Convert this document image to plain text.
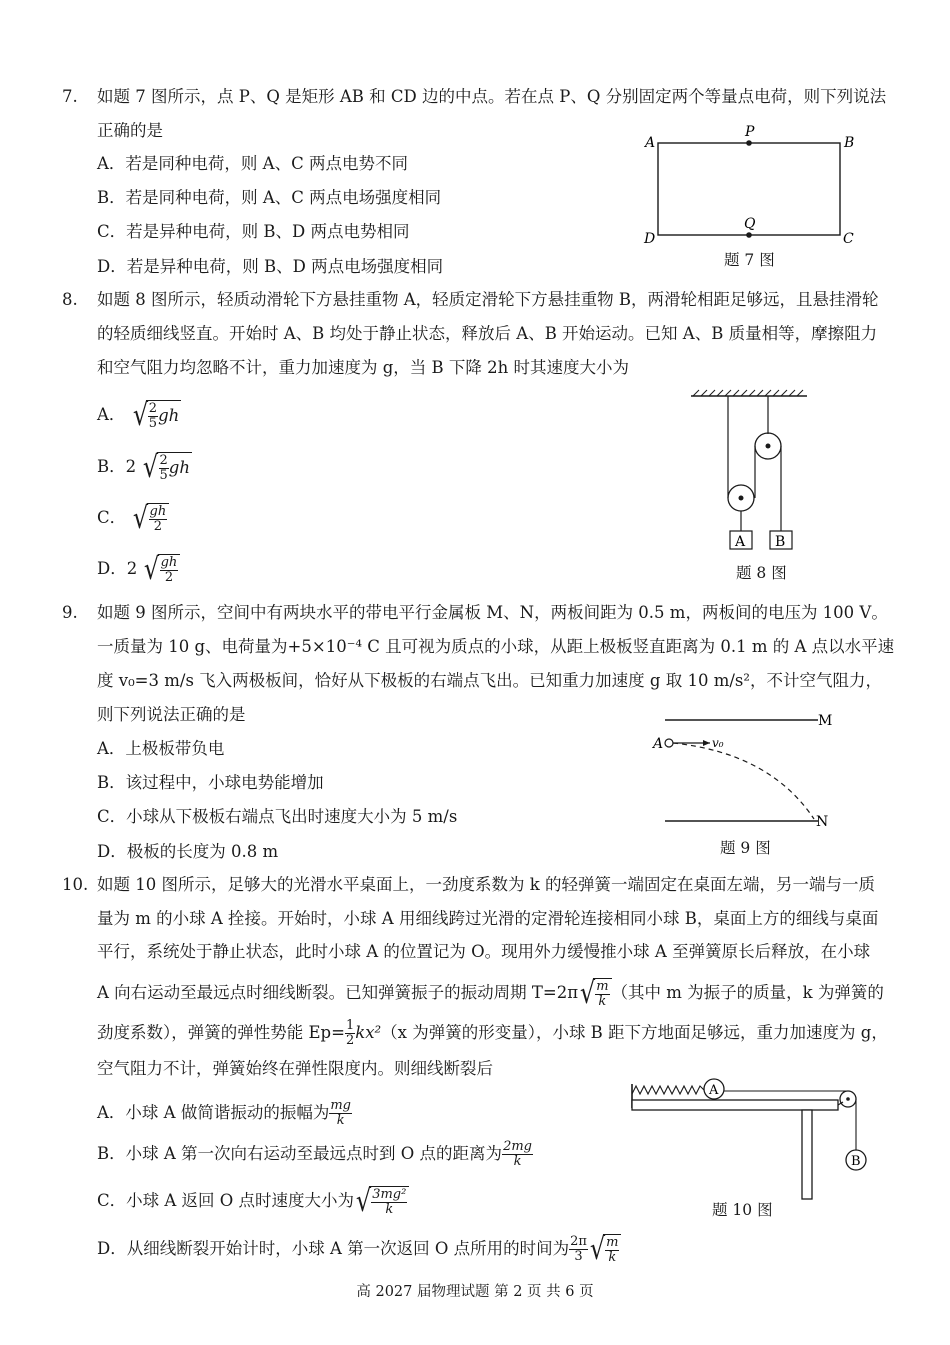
7. 如题 7 图所示，点 P、Q 是矩形 AB 和 CD 边的中点。若在点 P、Q 分别固定两个等量点电荷，则下列说法
正确的是
A．若是同种电荷，则 A、C 两点电势不同
B．若是同种电荷，则 A、C 两点电场强度相同
C．若是异种电荷，则 B、D 两点电势相同
D．若是异种电荷，则 B、D 两点电场强度相同
A
P
B
D
Q
C
题 7 图
8. 如题 8 图所示，轻质动滑轮下方悬挂重物 A，轻质定滑轮下方悬挂重物 B，两滑轮相距足够远，且悬挂滑轮
的轻质细线竖直。开始时 A、B 均处于静止状态，释放后 A、B 开始运动。已知 A、B 质量相等，摩擦阻力
和空气阻力均忽略不计，重力加速度为 g，当 B 下降 2h 时其速度大小为
A． √ $\frac{2}{5}$ gh
B．2 √ $\frac{2}{5}$ gh
C． √ $\frac{gh}{2}$
D．2 √ $\frac{gh}{2}$
A B
题 8 图
9. 如题 9 图所示，空间中有两块水平的带电平行金属板 M、N，两板间距为 0.5 m，两板间的电压为 100 V。
一质量为 10 g、电荷量为+5×10⁻⁴ C 且可视为质点的小球，从距上极板竖直距离为 0.1 m 的 A 点以水平速
度 v₀=3 m/s 飞入两极板间，恰好从下极板的右端点飞出。已知重力加速度 g 取 10 m/s²，不计空气阻力，
则下列说法正确的是
A．上极板带负电
B．该过程中，小球电势能增加
C．小球从下极板右端点飞出时速度大小为 5 m/s
D．极板的长度为 0.8 m
M
N
A	v₀
题 9 图
10. 如题 10 图所示，足够大的光滑水平桌面上，一劲度系数为 k 的轻弹簧一端固定在桌面左端，另一端与一质
量为 m 的小球 A 拴接。开始时，小球 A 用细线跨过光滑的定滑轮连接相同小球 B，桌面上方的细线与桌面
平行，系统处于静止状态，此时小球 A 的位置记为 O。现用外力缓慢推小球 A 至弹簧原长后释放，在小球
A 向右运动至最远点时细线断裂。已知弹簧振子的振动周期 $T=2\pi√ \frac{m}{k}$ （其中 m 为振子的质量，k 为弹簧的
劲度系数），弹簧的弹性势能 $Ep= \frac{1}{2} kx^2(x$ 为弹簧的形变量），小球 B 距下方地面足够远，重力加速度为 g，
空气阻力不计，弹簧始终在弹性限度内。则细线断裂后
A．小球 A 做简谐振动的振幅为 $\frac{mg}{k}$
B．小球 A 第一次向右运动至最远点时到 O 点的距离为 $\frac{2mg}{k}$
C．小球 A 返回 O 点时速度大小为√ $\frac{\text{3mg²}}{k}$
D．从细线断裂开始计时，小球 A 第一次返回 O 点所用的时间为 $\frac{2\pi}{3}$ √ $\frac{m}{k}$
A
B
题 10 图
高 2027 届物理试题 第 2 页 共 6 页
